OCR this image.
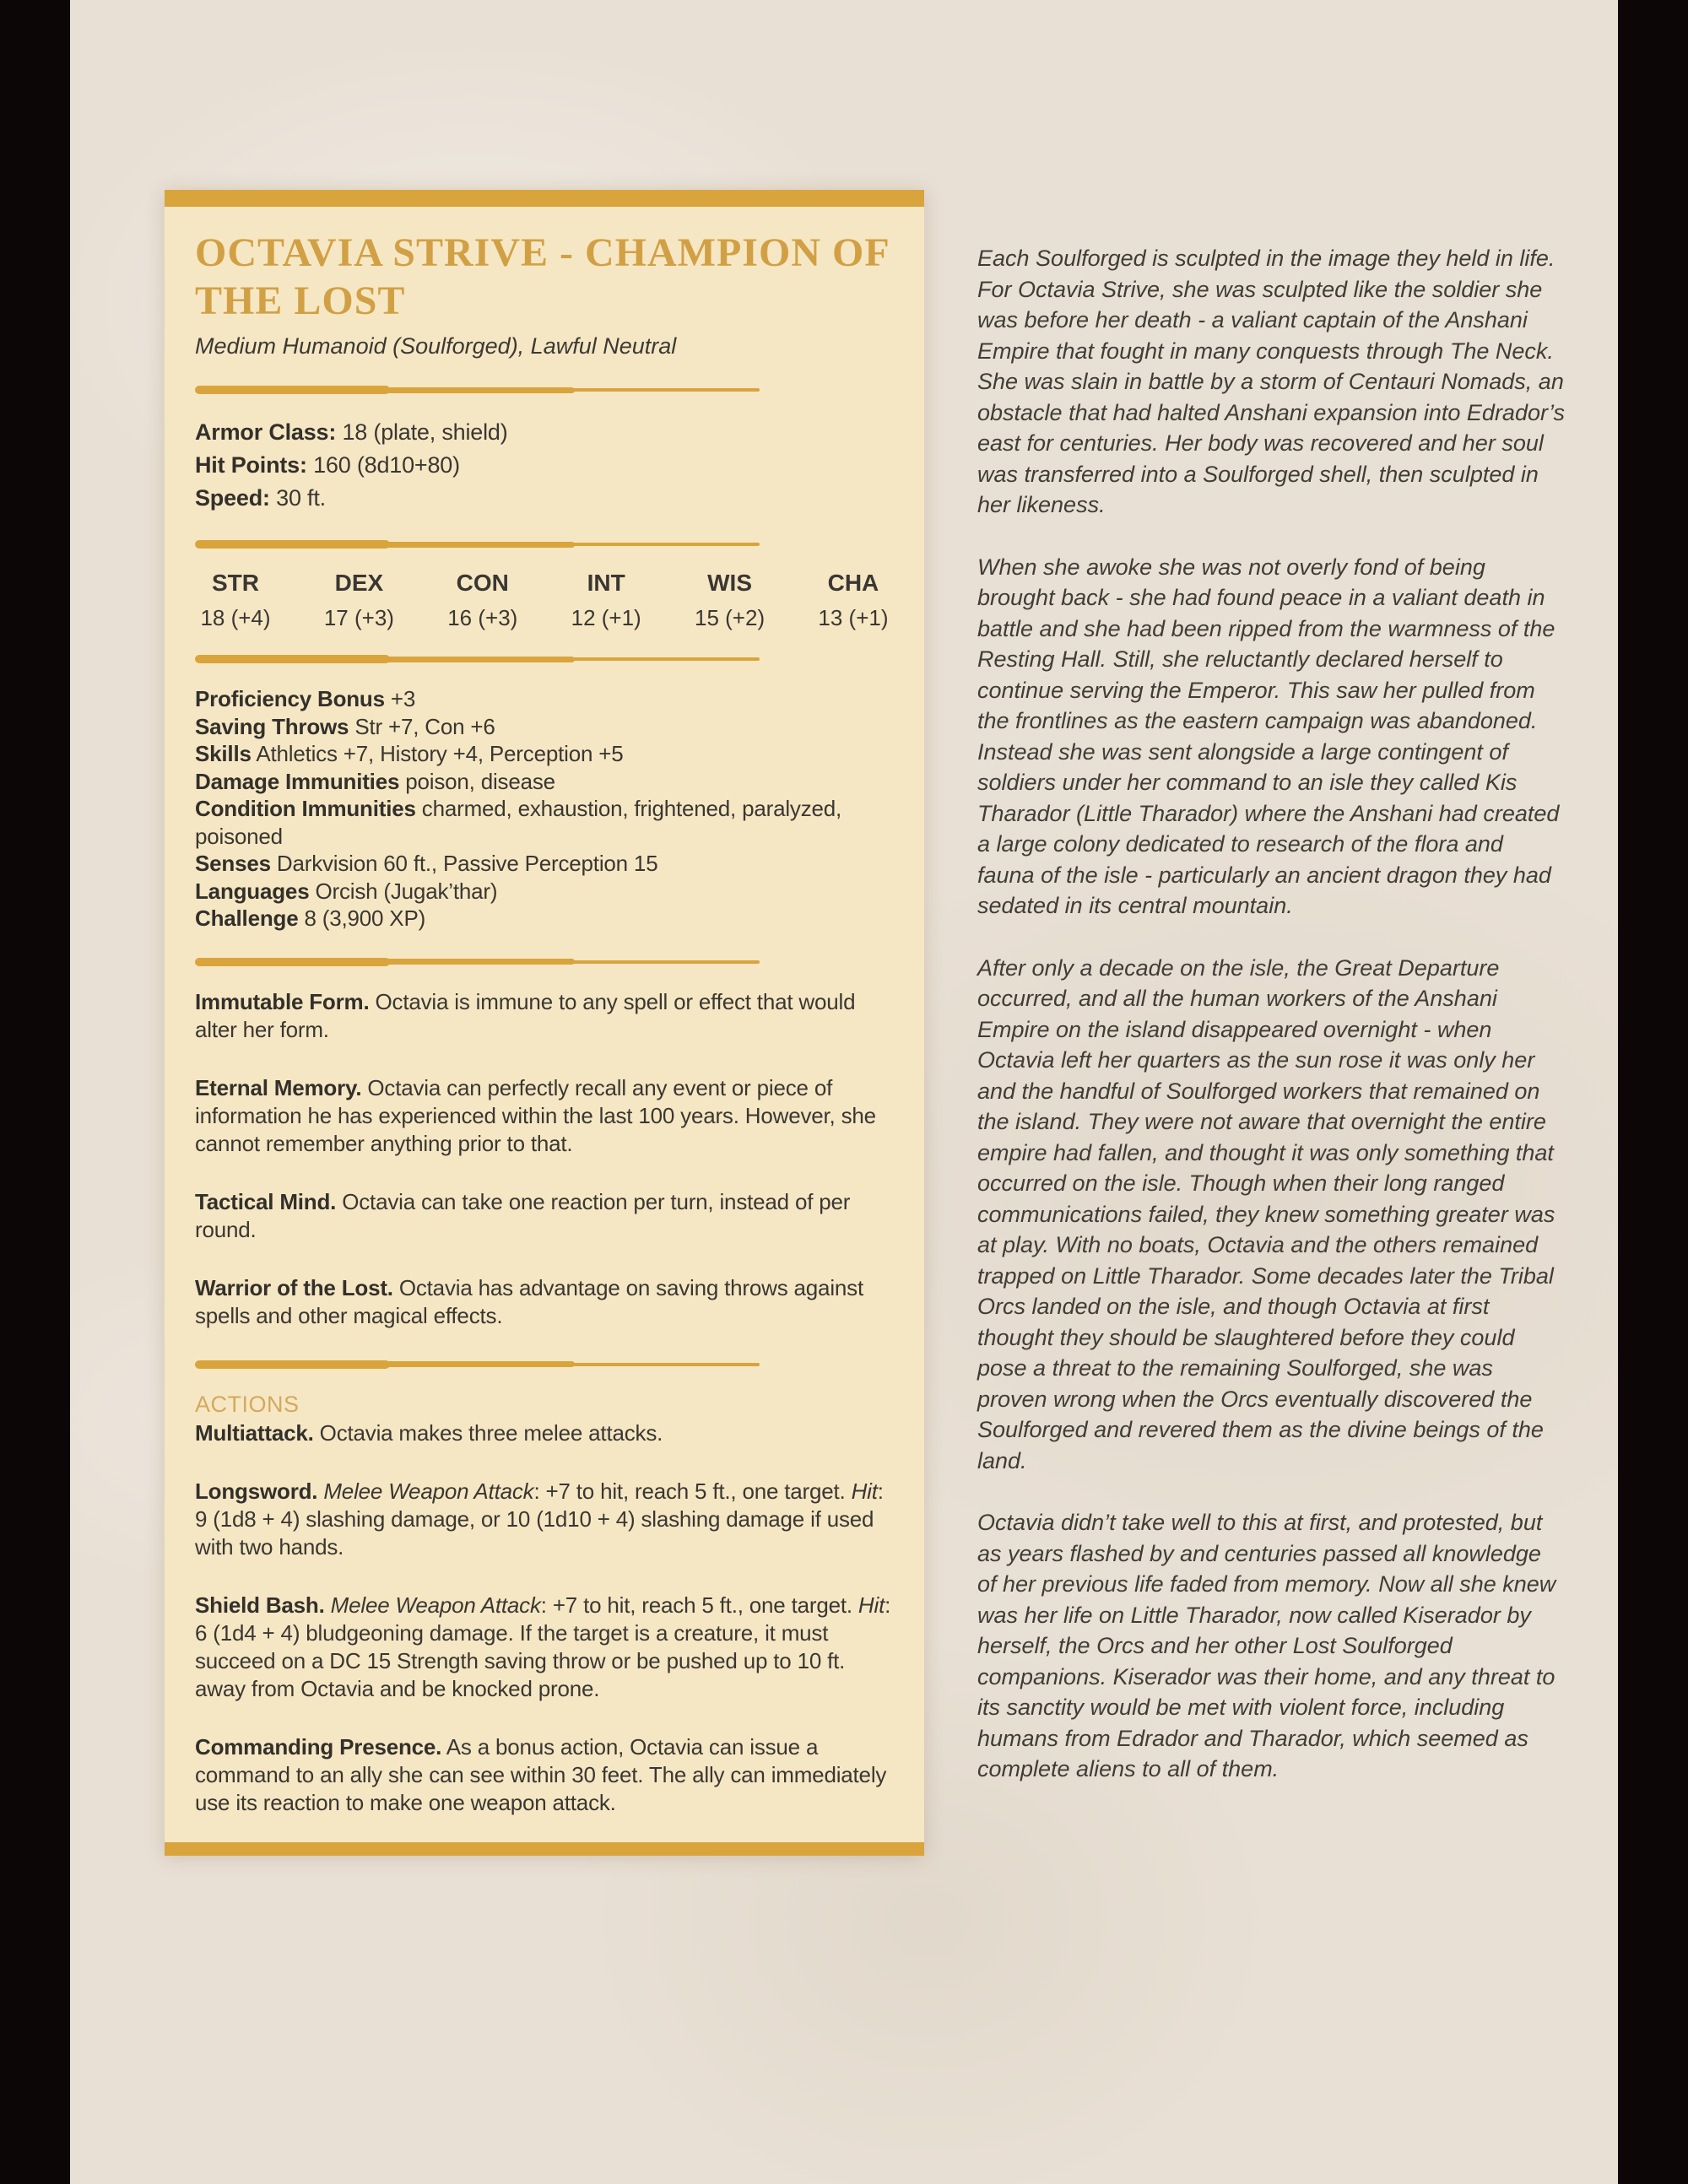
OCTAVIA STRIVE - CHAMPION OF THE LOST
Medium Humanoid (Soulforged), Lawful Neutral
Armor Class: 18 (plate, shield)
Hit Points: 160 (8d10+80)
Speed: 30 ft.
STR
18 (+4)
DEX
17 (+3)
CON
16 (+3)
INT
12 (+1)
WIS
15 (+2)
CHA
13 (+1)
Proficiency Bonus +3
Saving Throws Str +7, Con +6
Skills Athletics +7, History +4, Perception +5
Damage Immunities poison, disease
Condition Immunities charmed, exhaustion, frightened, paralyzed, poisoned
Senses Darkvision 60 ft., Passive Perception 15
Languages Orcish (Jugak’thar)
Challenge 8 (3,900 XP)
Immutable Form. Octavia is immune to any spell or effect that would alter her form.
Eternal Memory. Octavia can perfectly recall any event or piece of information he has experienced within the last 100 years. However, she cannot remember anything prior to that.
Tactical Mind. Octavia can take one reaction per turn, instead of per round.
Warrior of the Lost. Octavia has advantage on saving throws against spells and other magical effects.
ACTIONS
Multiattack. Octavia makes three melee attacks.
Longsword. Melee Weapon Attack: +7 to hit, reach 5 ft., one target. Hit: 9 (1d8 + 4) slashing damage, or 10 (1d10 + 4) slashing damage if used with two hands.
Shield Bash. Melee Weapon Attack: +7 to hit, reach 5 ft., one target. Hit: 6 (1d4 + 4) bludgeoning damage. If the target is a creature, it must succeed on a DC 15 Strength saving throw or be pushed up to 10 ft. away from Octavia and be knocked prone.
Commanding Presence. As a bonus action, Octavia can issue a command to an ally she can see within 30 feet. The ally can immediately use its reaction to make one weapon attack.
Each Soulforged is sculpted in the image they held in life. For Octavia Strive, she was sculpted like the soldier she was before her death - a valiant captain of the Anshani Empire that fought in many conquests through The Neck. She was slain in battle by a storm of Centauri Nomads, an obstacle that had halted Anshani expansion into Edrador’s east for centuries. Her body was recovered and her soul was transferred into a Soulforged shell, then sculpted in her likeness.
When she awoke she was not overly fond of being brought back - she had found peace in a valiant death in battle and she had been ripped from the warmness of the Resting Hall. Still, she reluctantly declared herself to continue serving the Emperor. This saw her pulled from the frontlines as the eastern campaign was abandoned. Instead she was sent alongside a large contingent of soldiers under her command to an isle they called Kis Tharador (Little Tharador) where the Anshani had created a large colony dedicated to research of the flora and fauna of the isle - particularly an ancient dragon they had sedated in its central mountain.
After only a decade on the isle, the Great Departure occurred, and all the human workers of the Anshani Empire on the island disappeared overnight - when Octavia left her quarters as the sun rose it was only her and the handful of Soulforged workers that remained on the island. They were not aware that overnight the entire empire had fallen, and thought it was only something that occurred on the isle. Though when their long ranged communications failed, they knew something greater was at play. With no boats, Octavia and the others remained trapped on Little Tharador. Some decades later the Tribal Orcs landed on the isle, and though Octavia at first thought they should be slaughtered before they could pose a threat to the remaining Soulforged, she was proven wrong when the Orcs eventually discovered the Soulforged and revered them as the divine beings of the land.
Octavia didn’t take well to this at first, and protested, but as years flashed by and centuries passed all knowledge of her previous life faded from memory. Now all she knew was her life on Little Tharador, now called Kiserador by herself, the Orcs and her other Lost Soulforged companions. Kiserador was their home, and any threat to its sanctity would be met with violent force, including humans from Edrador and Tharador, which seemed as complete aliens to all of them.
